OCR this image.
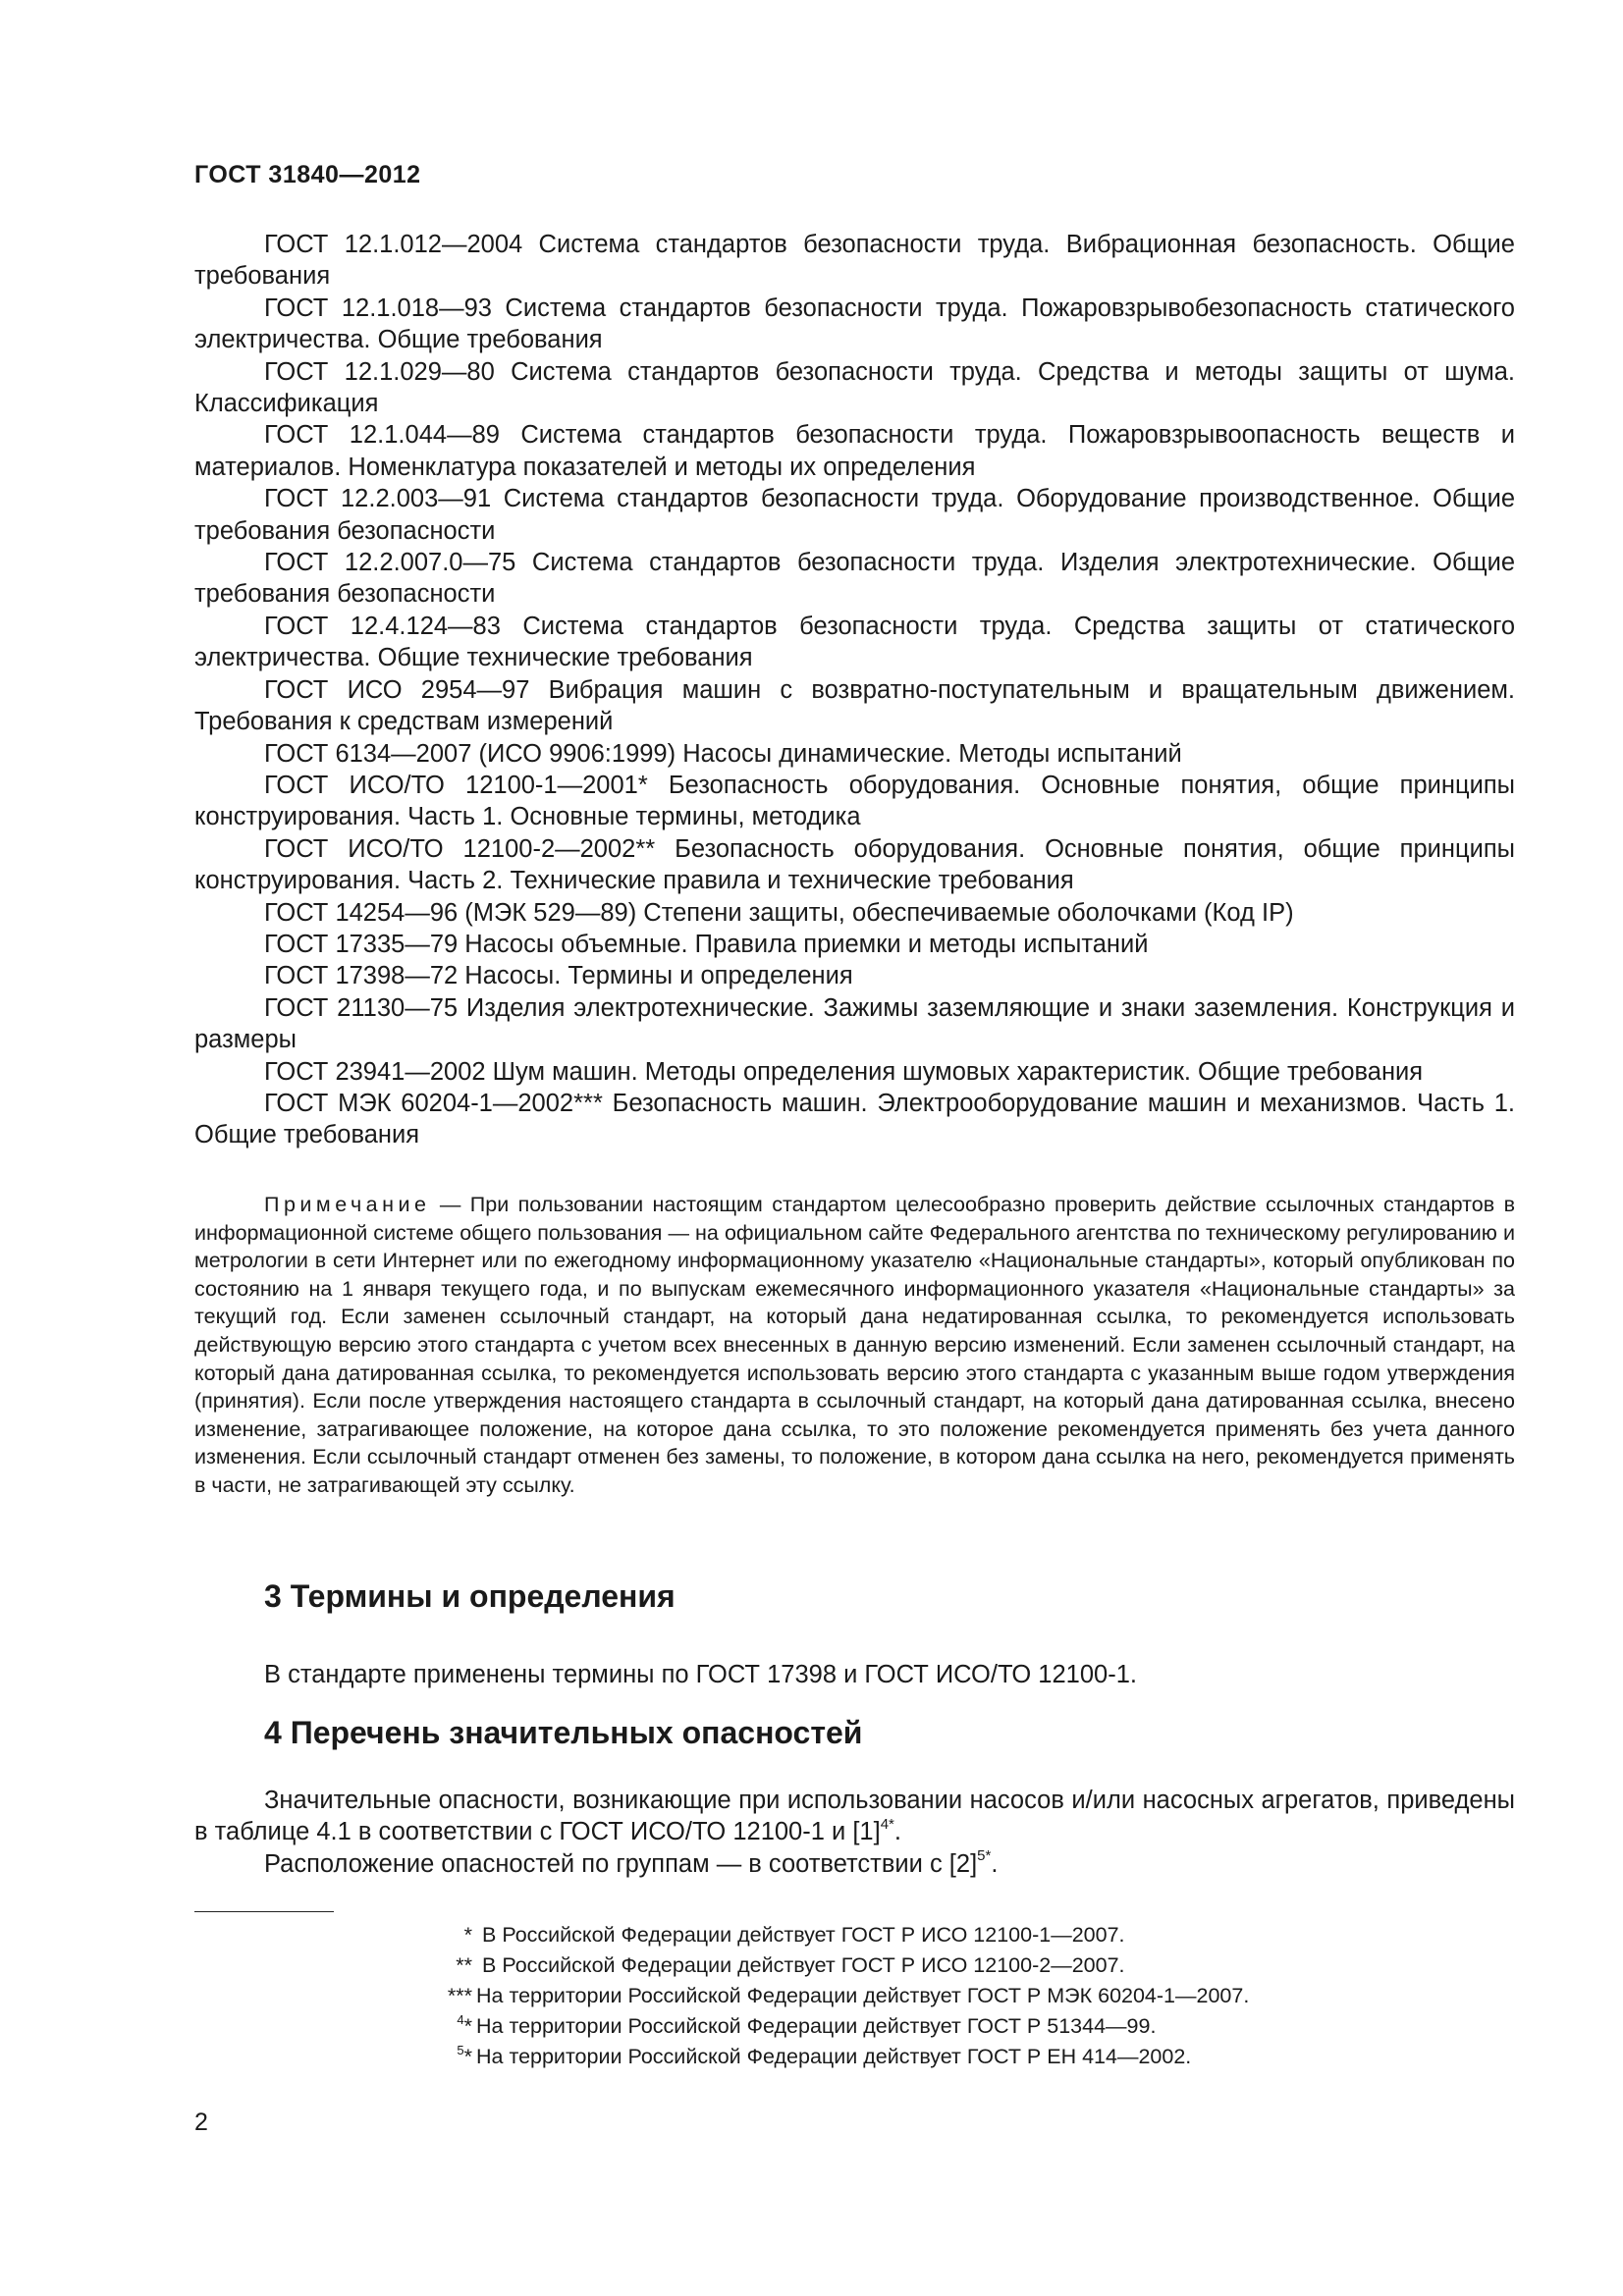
ГОСТ 31840—2012

ГОСТ 12.1.012—2004 Система стандартов безопасности труда. Вибрационная безопасность. Общие требования

ГОСТ 12.1.018—93 Система стандартов безопасности труда. Пожаровзрывобезопасность статического электричества. Общие требования

ГОСТ 12.1.029—80 Система стандартов безопасности труда. Средства и методы защиты от шума. Классификация

ГОСТ 12.1.044—89 Система стандартов безопасности труда. Пожаровзрывоопасность веществ и материалов. Номенклатура показателей и методы их определения

ГОСТ 12.2.003—91 Система стандартов безопасности труда. Оборудование производственное. Общие требования безопасности

ГОСТ 12.2.007.0—75 Система стандартов безопасности труда. Изделия электротехнические. Общие требования безопасности

ГОСТ 12.4.124—83 Система стандартов безопасности труда. Средства защиты от статического электричества. Общие технические требования

ГОСТ ИСО 2954—97 Вибрация машин с возвратно-поступательным и вращательным движением. Требования к средствам измерений

ГОСТ 6134—2007 (ИСО 9906:1999) Насосы динамические. Методы испытаний

ГОСТ ИСО/ТО 12100-1—2001* Безопасность оборудования. Основные понятия, общие принципы конструирования. Часть 1. Основные термины, методика

ГОСТ ИСО/ТО 12100-2—2002** Безопасность оборудования. Основные понятия, общие принципы конструирования. Часть 2. Технические правила и технические требования

ГОСТ 14254—96 (МЭК 529—89) Степени защиты, обеспечиваемые оболочками (Код IP)

ГОСТ 17335—79 Насосы объемные. Правила приемки и методы испытаний

ГОСТ 17398—72 Насосы. Термины и определения

ГОСТ 21130—75 Изделия электротехнические. Зажимы заземляющие и знаки заземления. Конструкция и размеры

ГОСТ 23941—2002 Шум машин. Методы определения шумовых характеристик. Общие требования

ГОСТ МЭК 60204-1—2002*** Безопасность машин. Электрооборудование машин и механизмов. Часть 1. Общие требования

Примечание — При пользовании настоящим стандартом целесообразно проверить действие ссылочных стандартов в информационной системе общего пользования — на официальном сайте Федерального агентства по техническому регулированию и метрологии в сети Интернет или по ежегодному информационному указателю «Национальные стандарты», который опубликован по состоянию на 1 января текущего года, и по выпускам ежемесячного информационного указателя «Национальные стандарты» за текущий год. Если заменен ссылочный стандарт, на который дана недатированная ссылка, то рекомендуется использовать действующую версию этого стандарта с учетом всех внесенных в данную версию изменений. Если заменен ссылочный стандарт, на который дана датированная ссылка, то рекомендуется использовать версию этого стандарта с указанным выше годом утверждения (принятия). Если после утверждения настоящего стандарта в ссылочный стандарт, на который дана датированная ссылка, внесено изменение, затрагивающее положение, на которое дана ссылка, то это положение рекомендуется применять без учета данного изменения. Если ссылочный стандарт отменен без замены, то положение, в котором дана ссылка на него, рекомендуется применять в части, не затрагивающей эту ссылку.

3 Термины и определения

В стандарте применены термины по ГОСТ 17398 и ГОСТ ИСО/ТО 12100-1.

4 Перечень значительных опасностей

Значительные опасности, возникающие при использовании насосов и/или насосных агрегатов, приведены в таблице 4.1 в соответствии с ГОСТ ИСО/ТО 12100-1 и $[1]^{4*}$.

Расположение опасностей по группам — в соответствии с $[2]^{5*}$.

* В Российской Федерации действует ГОСТ Р ИСО 12100-1—2007.
** В Российской Федерации действует ГОСТ Р ИСО 12100-2—2007.
*** На территории Российской Федерации действует ГОСТ Р МЭК 60204-1—2007.
$^4$* На территории Российской Федерации действует ГОСТ Р 51344—99.
$^5$* На территории Российской Федерации действует ГОСТ Р ЕН 414—2002.
2
